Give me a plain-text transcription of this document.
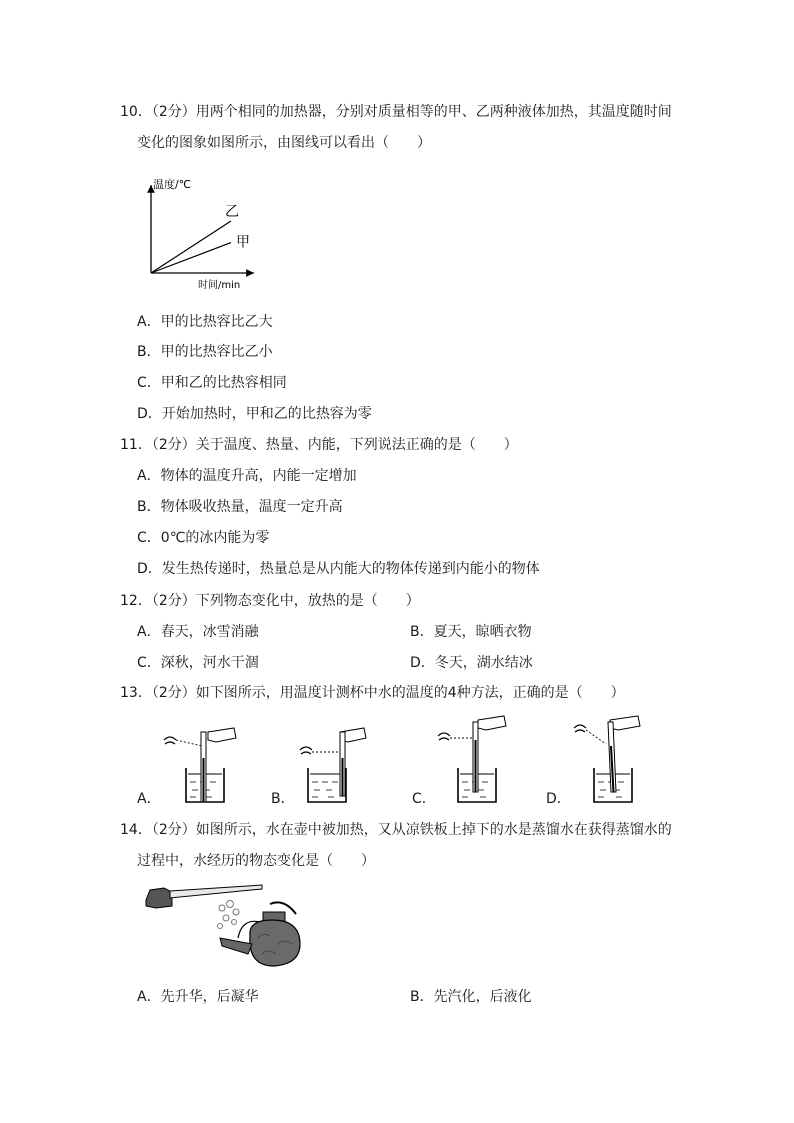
10．（2分）用两个相同的加热器，分别对质量相等的甲、乙两种液体加热，其温度随时间
变化的图象如图所示，由图线可以看出（　　）
温度/℃
时间/min
乙
甲
A．甲的比热容比乙大
B．甲的比热容比乙小
C．甲和乙的比热容相同
D．开始加热时，甲和乙的比热容为零
11．（2分）关于温度、热量、内能，下列说法正确的是（　　）
A．物体的温度升高，内能一定增加
B．物体吸收热量，温度一定升高
C．0℃的冰内能为零
D．发生热传递时，热量总是从内能大的物体传递到内能小的物体
12．（2分）下列物态变化中，放热的是（　　）
A．春天，冰雪消融	B．夏天，晾晒衣物
C．深秋，河水干涸	D．冬天，湖水结冰
13．（2分）如下图所示，用温度计测杯中水的温度的4种方法，正确的是（　　）
A．	B．	C．	D．
14．（2分）如图所示，水在壶中被加热，又从凉铁板上掉下的水是蒸馏水在获得蒸馏水的
过程中，水经历的物态变化是（　　）
A．先升华，后凝华	B．先汽化，后液化
